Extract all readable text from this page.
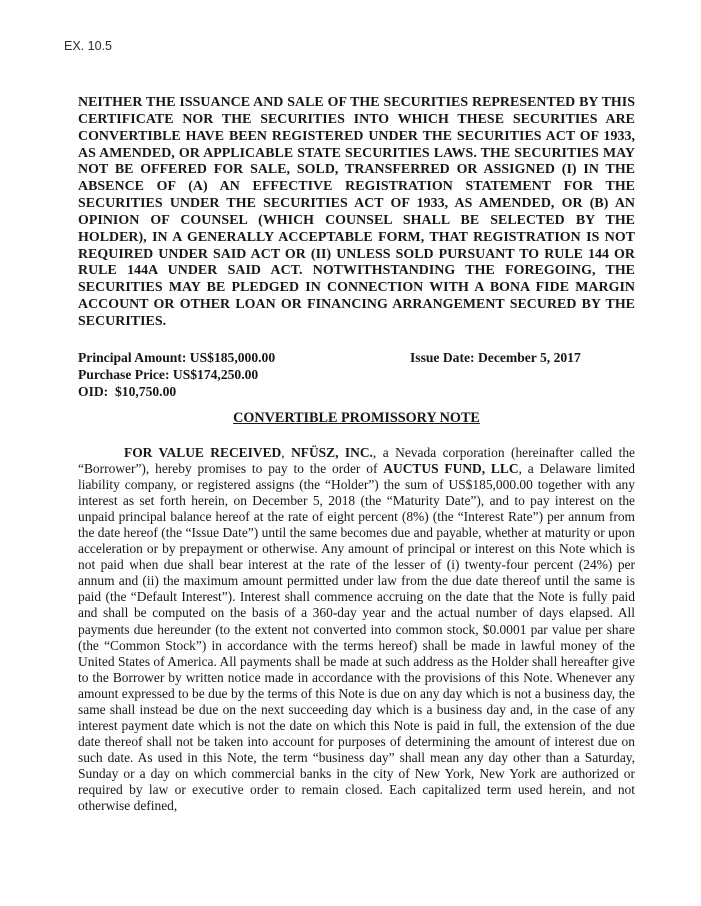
EX. 10.5
NEITHER THE ISSUANCE AND SALE OF THE SECURITIES REPRESENTED BY THIS CERTIFICATE NOR THE SECURITIES INTO WHICH THESE SECURITIES ARE CONVERTIBLE HAVE BEEN REGISTERED UNDER THE SECURITIES ACT OF 1933, AS AMENDED, OR APPLICABLE STATE SECURITIES LAWS. THE SECURITIES MAY NOT BE OFFERED FOR SALE, SOLD, TRANSFERRED OR ASSIGNED (I) IN THE ABSENCE OF (A) AN EFFECTIVE REGISTRATION STATEMENT FOR THE SECURITIES UNDER THE SECURITIES ACT OF 1933, AS AMENDED, OR (B) AN OPINION OF COUNSEL (WHICH COUNSEL SHALL BE SELECTED BY THE HOLDER), IN A GENERALLY ACCEPTABLE FORM, THAT REGISTRATION IS NOT REQUIRED UNDER SAID ACT OR (II) UNLESS SOLD PURSUANT TO RULE 144 OR RULE 144A UNDER SAID ACT. NOTWITHSTANDING THE FOREGOING, THE SECURITIES MAY BE PLEDGED IN CONNECTION WITH A BONA FIDE MARGIN ACCOUNT OR OTHER LOAN OR FINANCING ARRANGEMENT SECURED BY THE SECURITIES.
Principal Amount: US$185,000.00
Purchase Price: US$174,250.00
OID:  $10,750.00
Issue Date: December 5, 2017
CONVERTIBLE PROMISSORY NOTE
FOR VALUE RECEIVED, NFÜSZ, INC., a Nevada corporation (hereinafter called the “Borrower”), hereby promises to pay to the order of AUCTUS FUND, LLC, a Delaware limited liability company, or registered assigns (the “Holder”) the sum of US$185,000.00 together with any interest as set forth herein, on December 5, 2018 (the “Maturity Date”), and to pay interest on the unpaid principal balance hereof at the rate of eight percent (8%) (the “Interest Rate”) per annum from the date hereof (the “Issue Date”) until the same becomes due and payable, whether at maturity or upon acceleration or by prepayment or otherwise. Any amount of principal or interest on this Note which is not paid when due shall bear interest at the rate of the lesser of (i) twenty-four percent (24%) per annum and (ii) the maximum amount permitted under law from the due date thereof until the same is paid (the “Default Interest”). Interest shall commence accruing on the date that the Note is fully paid and shall be computed on the basis of a 360-day year and the actual number of days elapsed. All payments due hereunder (to the extent not converted into common stock, $0.0001 par value per share (the “Common Stock”) in accordance with the terms hereof) shall be made in lawful money of the United States of America. All payments shall be made at such address as the Holder shall hereafter give to the Borrower by written notice made in accordance with the provisions of this Note. Whenever any amount expressed to be due by the terms of this Note is due on any day which is not a business day, the same shall instead be due on the next succeeding day which is a business day and, in the case of any interest payment date which is not the date on which this Note is paid in full, the extension of the due date thereof shall not be taken into account for purposes of determining the amount of interest due on such date. As used in this Note, the term “business day” shall mean any day other than a Saturday, Sunday or a day on which commercial banks in the city of New York, New York are authorized or required by law or executive order to remain closed. Each capitalized term used herein, and not otherwise defined,
